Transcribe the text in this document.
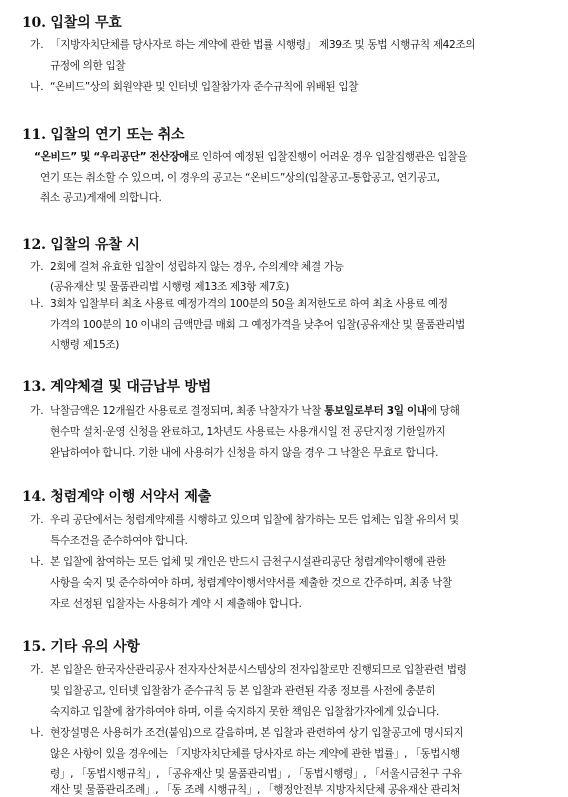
10. 입찰의 무효
가. 「지방자치단체를 당사자로 하는 계약에 관한 법률 시행령」 제39조 및 동법 시행규칙 제42조의
규정에 의한 입찰
나. “온비드”상의 회원약관 및 인터넷 입찰참가자 준수규칙에 위배된 입찰
11. 입찰의 연기 또는 취소
“온비드” 및 “우리공단” 전산장애로 인하여 예정된 입찰진행이 어려운 경우 입찰집행관은 입찰을
연기 또는 취소할 수 있으며, 이 경우의 공고는 “온비드”상의(입찰공고-통합공고, 연기공고,
취소 공고)게재에 의합니다.
12. 입찰의 유찰 시
가. 2회에 걸쳐 유효한 입찰이 성립하지 않는 경우, 수의계약 체결 가능
(공유재산 및 물품관리법 시행령 제13조 제3항 제7호)
나. 3회차 입찰부터 최초 사용료 예정가격의 100분의 50을 최저한도로 하여 최초 사용료 예정
가격의 100분의 10 이내의 금액만큼 매회 그 예정가격을 낮추어 입찰(공유재산 및 물품관리법
시행령 제15조)
13. 계약체결 및 대금납부 방법
가. 낙찰금액은 12개월간 사용료로 결정되며, 최종 낙찰자가 낙찰 통보일로부터 3일 이내에 당해
현수막 설치·운영 신청을 완료하고, 1차년도 사용료는 사용개시일 전 공단지정 기한일까지
완납하여야 합니다. 기한 내에 사용허가 신청을 하지 않을 경우 그 낙찰은 무효로 합니다.
14. 청렴계약 이행 서약서 제출
가. 우리 공단에서는 청렴계약제를 시행하고 있으며 입찰에 참가하는 모든 업체는 입찰 유의서 및
특수조건을 준수하여야 합니다.
나. 본 입찰에 참여하는 모든 업체 및 개인은 반드시 금천구시설관리공단 청렴계약이행에 관한
사항을 숙지 및 준수하여야 하며, 청렴계약이행서약서를 제출한 것으로 간주하며, 최종 낙찰
자로 선정된 입찰자는 사용허가 계약 시 제출해야 합니다.
15. 기타 유의 사항
가. 본 입찰은 한국자산관리공사 전자자산처분시스템상의 전자입찰로만 진행되므로 입찰관련 법령
및 입찰공고, 인터넷 입찰참가 준수규칙 등 본 입찰과 관련된 각종 정보를 사전에 충분히
숙지하고 입찰에 참가하여야 하며, 이를 숙지하지 못한 책임은 입찰참가자에게 있습니다.
나. 현장설명은 사용허가 조건(붙임)으로 갈음하며, 본 입찰과 관련하여 상기 입찰공고에 명시되지
않은 사항이 있을 경우에는 「지방자치단체를 당사자로 하는 계약에 관한 법률」, 「동법시행
령」, 「동법시행규칙」, 「공유재산 및 물품관리법」, 「동법시행령」, 「서울시금천구 구유
재산 및 물품관리조례」, 「동 조례 시행규칙」, 「행정안전부 지방자치단체 공유재산 관리처
